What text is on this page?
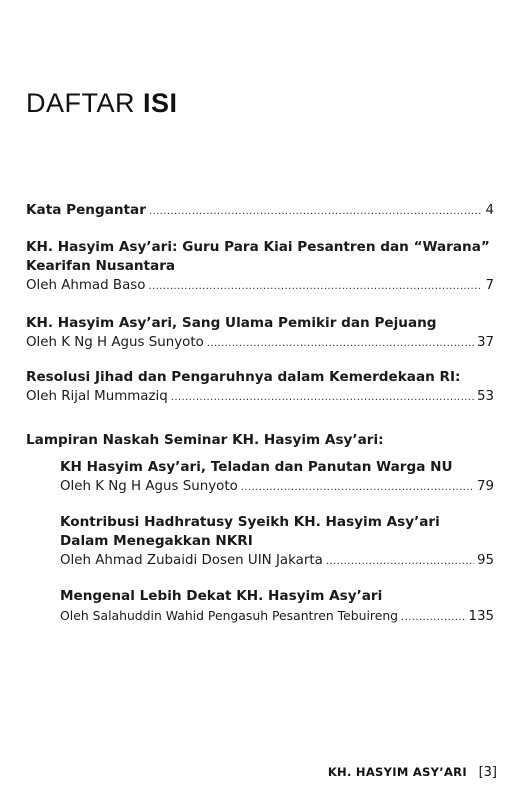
DAFTAR ISI
Kata Pengantar .....	4

KH. Hasyim Asy’ari: Guru Para Kiai Pesantren dan “Warana”

Kearifan Nusantara

Oleh Ahmad Baso .....	7

KH. Hasyim Asy’ari, Sang Ulama Pemikir dan Pejuang

Oleh K Ng H Agus Sunyoto .....	37

Resolusi Jihad dan Pengaruhnya dalam Kemerdekaan RI:

Oleh Rijal Mummaziq .....	53

Lampiran Naskah Seminar KH. Hasyim Asy’ari:

KH Hasyim Asy’ari, Teladan dan Panutan Warga NU

Oleh K Ng H Agus Sunyoto .....	79

Kontribusi Hadhratusy Syeikh KH. Hasyim Asy’ari

Dalam Menegakkan NKRI

Oleh Ahmad Zubaidi Dosen UIN Jakarta .....	95

Mengenal Lebih Dekat KH. Hasyim Asy’ari

Oleh Salahuddin Wahid Pengasuh Pesantren Tebuireng .....	135
KH. HASYIM ASY’ARI [3]
